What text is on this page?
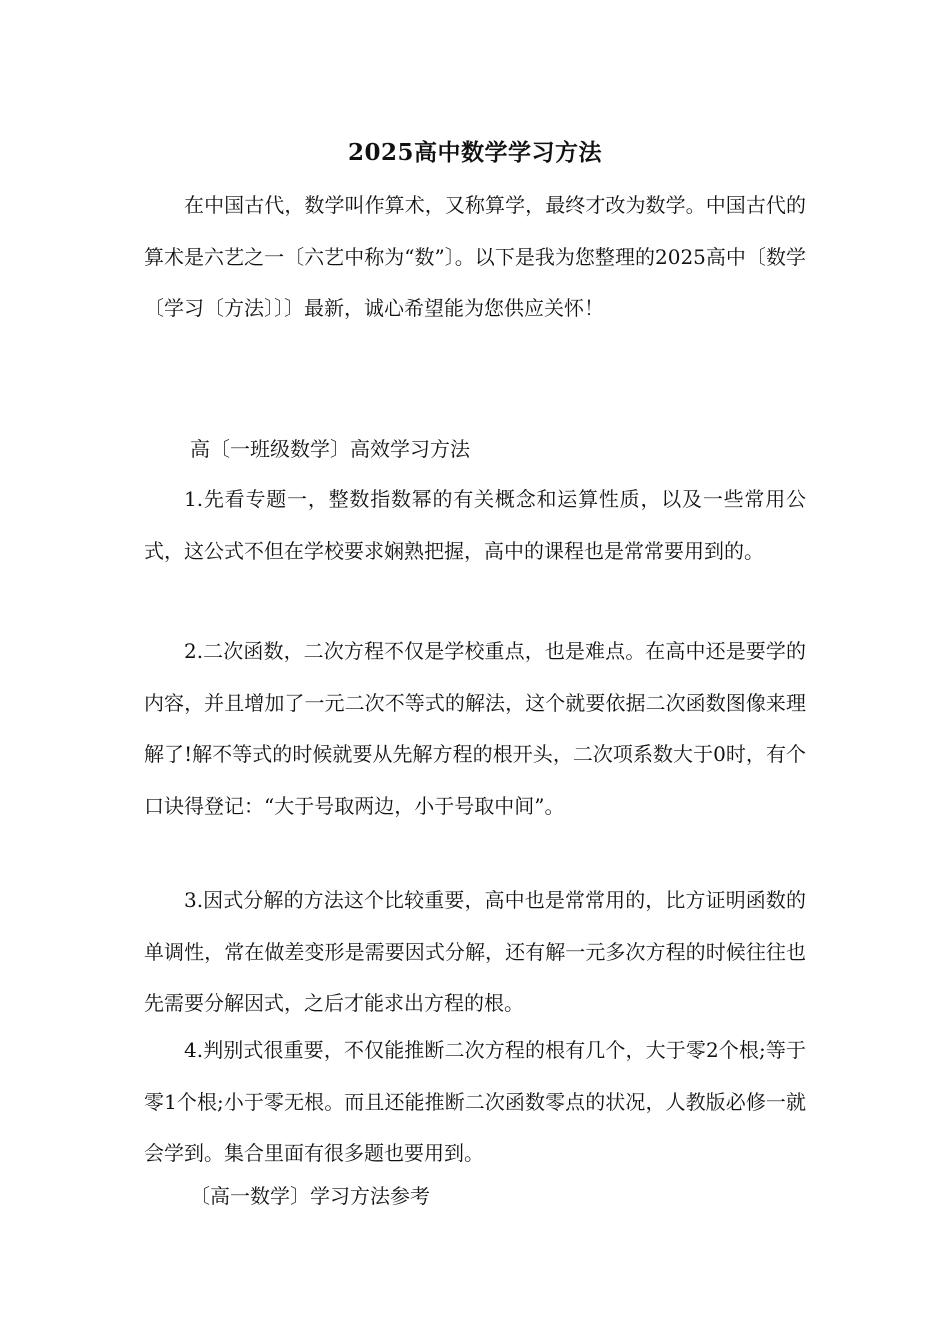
2025高中数学学习方法

在中国古代，数学叫作算术，又称算学，最终才改为数学。中国古代的算术是六艺之一〔六艺中称为“数”〕。以下是我为您整理的2025高中〔数学〔学习〔方法〕〕〕最新，诚心希望能为您供应关怀！

高〔一班级数学〕高效学习方法

1.先看专题一，整数指数幂的有关概念和运算性质，以及一些常用公式，这公式不但在学校要求娴熟把握，高中的课程也是常常要用到的。

2.二次函数，二次方程不仅是学校重点，也是难点。在高中还是要学的内容，并且增加了一元二次不等式的解法，这个就要依据二次函数图像来理解了!解不等式的时候就要从先解方程的根开头，二次项系数大于0时，有个口诀得登记：“大于号取两边，小于号取中间”。

3.因式分解的方法这个比较重要，高中也是常常用的，比方证明函数的单调性，常在做差变形是需要因式分解，还有解一元多次方程的时候往往也先需要分解因式，之后才能求出方程的根。

4.判别式很重要，不仅能推断二次方程的根有几个，大于零2个根;等于零1个根;小于零无根。而且还能推断二次函数零点的状况，人教版必修一就会学到。集合里面有很多题也要用到。

〔高一数学〕学习方法参考
